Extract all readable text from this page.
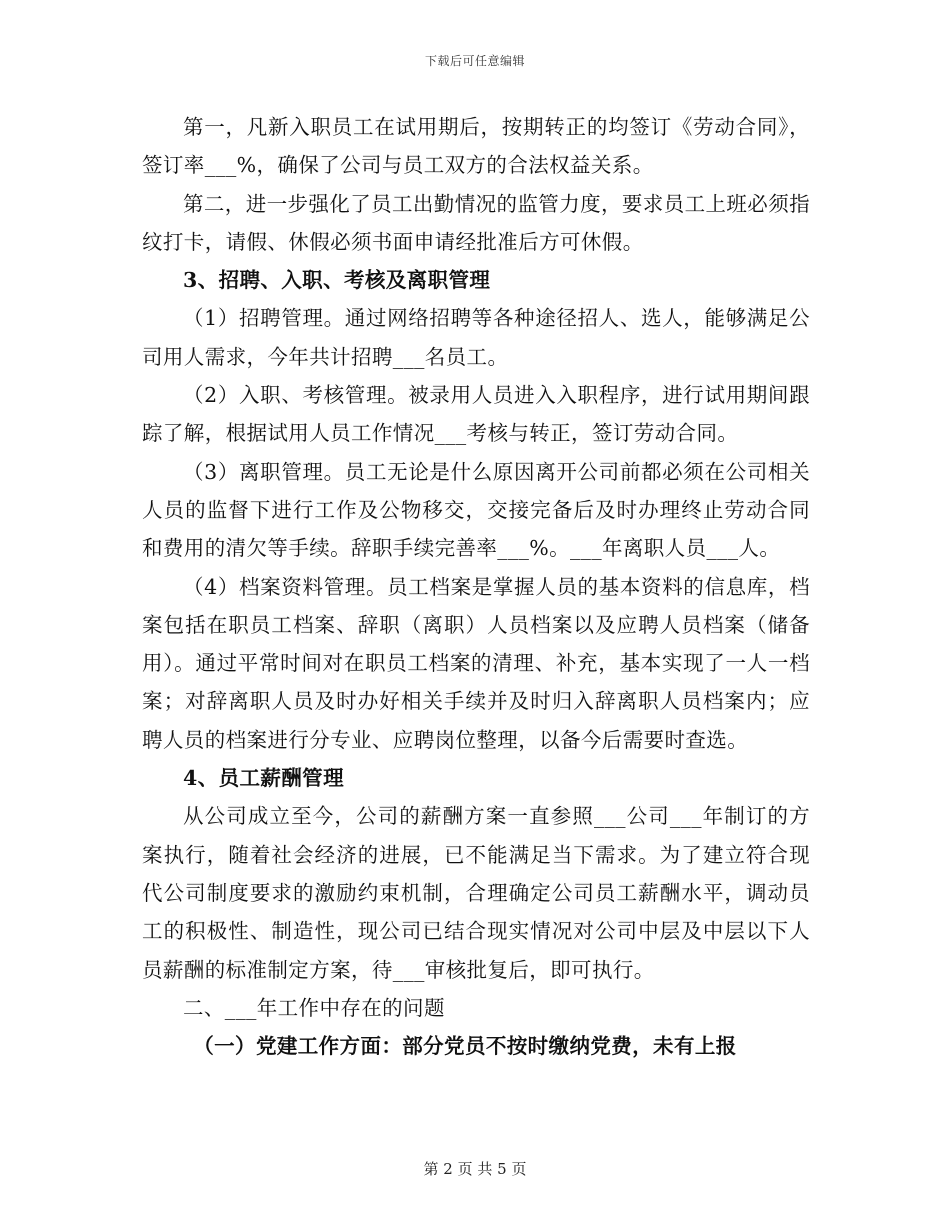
下载后可任意编辑

第一，凡新入职员工在试用期后，按期转正的均签订《劳动合同》，签订率___%，确保了公司与员工双方的合法权益关系。

第二，进一步强化了员工出勤情况的监管力度，要求员工上班必须指纹打卡，请假、休假必须书面申请经批准后方可休假。

3、招聘、入职、考核及离职管理

（1）招聘管理。通过网络招聘等各种途径招人、选人，能够满足公司用人需求，今年共计招聘___名员工。

（2）入职、考核管理。被录用人员进入入职程序，进行试用期间跟踪了解，根据试用人员工作情况___考核与转正，签订劳动合同。

（3）离职管理。员工无论是什么原因离开公司前都必须在公司相关人员的监督下进行工作及公物移交，交接完备后及时办理终止劳动合同和费用的清欠等手续。辞职手续完善率___%。___年离职人员___人。

（4）档案资料管理。员工档案是掌握人员的基本资料的信息库，档案包括在职员工档案、辞职（离职）人员档案以及应聘人员档案（储备用）。通过平常时间对在职员工档案的清理、补充，基本实现了一人一档案；对辞离职人员及时办好相关手续并及时归入辞离职人员档案内；应聘人员的档案进行分专业、应聘岗位整理，以备今后需要时查选。

4、员工薪酬管理

从公司成立至今，公司的薪酬方案一直参照___公司___年制订的方案执行，随着社会经济的进展，已不能满足当下需求。为了建立符合现代公司制度要求的激励约束机制，合理确定公司员工薪酬水平，调动员工的积极性、制造性，现公司已结合现实情况对公司中层及中层以下人员薪酬的标准制定方案，待___审核批复后，即可执行。

二、___年工作中存在的问题

（一）党建工作方面：部分党员不按时缴纳党费，未有上报

第 2 页 共 5 页
